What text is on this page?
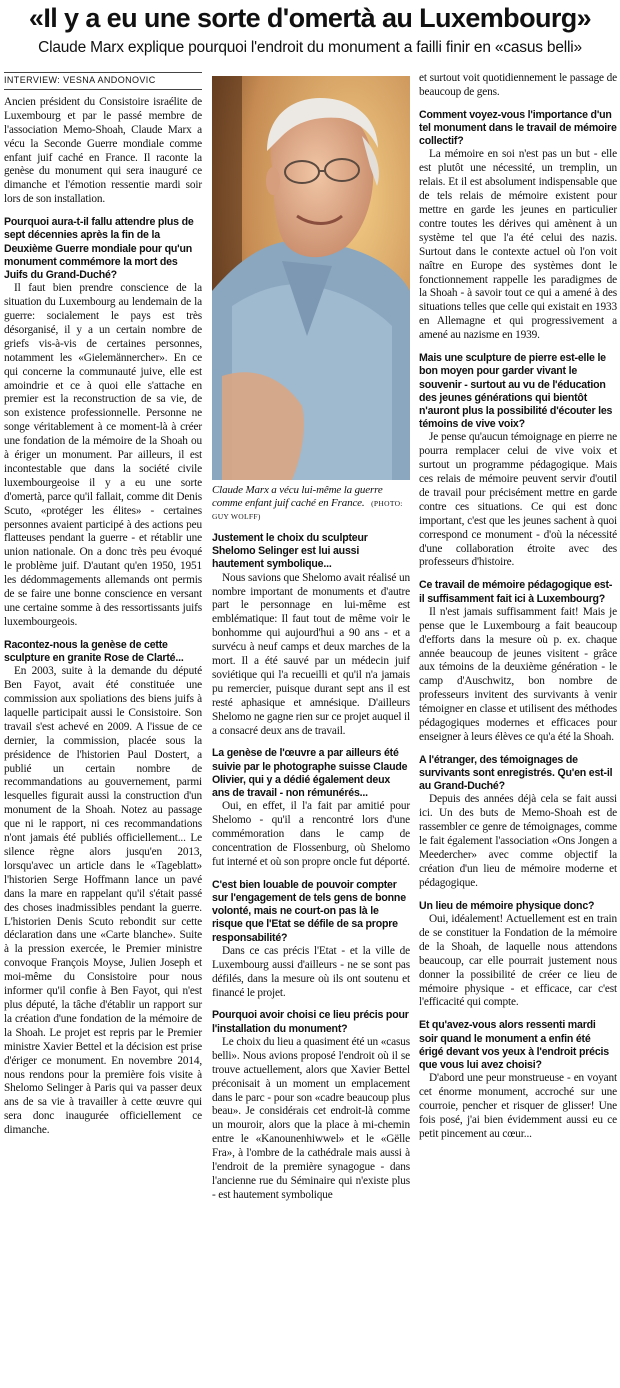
«Il y a eu une sorte d'omertà au Luxembourg»
Claude Marx explique pourquoi l'endroit du monument a failli finir en «casus belli»
INTERVIEW: VESNA ANDONOVIC

Ancien président du Consistoire israélite de Luxembourg et par le passé membre de l'association Memo-Shoah, Claude Marx a vécu la Seconde Guerre mondiale comme enfant juif caché en France. Il raconte la genèse du monument qui sera inauguré ce dimanche et l'émotion ressentie mardi soir lors de son installation.

Pourquoi aura-t-il fallu attendre plus de sept décennies après la fin de la Deuxième Guerre mondiale pour qu'un monument commémore la mort des Juifs du Grand-Duché?

Il faut bien prendre conscience de la situation du Luxembourg au lendemain de la guerre: socialement le pays est très désorganisé, il y a un certain nombre de griefs vis-à-vis de certaines personnes, notamment les «Gielemännercher». En ce qui concerne la communauté juive, elle est amoindrie et ce à quoi elle s'attache en premier est la reconstruction de sa vie, de son existence professionnelle. Personne ne songe véritablement à ce moment-là à créer une fondation de la mémoire de la Shoah ou à ériger un monument. Par ailleurs, il est incontestable que dans la société civile luxembourgeoise il y a eu une sorte d'omertà, parce qu'il fallait, comme dit Denis Scuto, «protéger les élites» - certaines personnes avaient participé à des actions peu flatteuses pendant la guerre - et rétablir une union nationale. On a donc très peu évoqué le problème juif. D'autant qu'en 1950, 1951 les dédommagements allemands ont permis de se faire une bonne conscience en versant une certaine somme à des ressortissants juifs luxembourgeois.

Racontez-nous la genèse de cette sculpture en granite Rose de Clarté...

En 2003, suite à la demande du député Ben Fayot, avait été constituée une commission aux spoliations des biens juifs à laquelle participait aussi le Consistoire. Son travail s'est achevé en 2009. A l'issue de ce dernier, la commission, placée sous la présidence de l'historien Paul Dostert, a publié un certain nombre de recommandations au gouvernement, parmi lesquelles figurait aussi la construction d'un monument de la Shoah. Notez au passage que ni le rapport, ni ces recommandations n'ont jamais été publiés officiellement... Le silence règne alors jusqu'en 2013, lorsqu'avec un article dans le «Tageblatt» l'historien Serge Hoffmann lance un pavé dans la mare en rappelant qu'il s'était passé des choses inadmissibles pendant la guerre. L'historien Denis Scuto rebondit sur cette déclaration dans une «Carte blanche». Suite à la pression exercée, le Premier ministre convoque François Moyse, Julien Joseph et moi-même du Consistoire pour nous informer qu'il confie à Ben Fayot, qui n'est plus député, la tâche d'établir un rapport sur la création d'une fondation de la mémoire de la Shoah. Le projet est repris par le Premier ministre Xavier Bettel et la décision est prise d'ériger ce monument. En novembre 2014, nous rendons pour la première fois visite à Shelomo Selinger à Paris qui va passer deux ans de sa vie à travailler à cette œuvre qui sera donc inaugurée officiellement ce dimanche.

Claude Marx a vécu lui-même la guerre comme enfant juif caché en France. (PHOTO: GUY WOLFF)

Justement le choix du sculpteur Shelomo Selinger est lui aussi hautement symbolique...

Nous savions que Shelomo avait réalisé un nombre important de monuments et d'autre part le personnage en lui-même est emblématique: Il faut tout de même voir le bonhomme qui aujourd'hui a 90 ans - et a survécu à neuf camps et deux marches de la mort. Il a été sauvé par un médecin juif soviétique qui l'a recueilli et qu'il n'a jamais pu remercier, puisque durant sept ans il est resté aphasique et amnésique. D'ailleurs Shelomo ne gagne rien sur ce projet auquel il a consacré deux ans de travail.

La genèse de l'œuvre a par ailleurs été suivie par le photographe suisse Claude Olivier, qui y a dédié également deux ans de travail - non rémunérés...

Oui, en effet, il l'a fait par amitié pour Shelomo - qu'il a rencontré lors d'une commémoration dans le camp de concentration de Flossenburg, où Shelomo fut interné et où son propre oncle fut déporté.

C'est bien louable de pouvoir compter sur l'engagement de tels gens de bonne volonté, mais ne court-on pas là le risque que l'Etat se défile de sa propre responsabilité?

Dans ce cas précis l'Etat - et la ville de Luxembourg aussi d'ailleurs - ne se sont pas défilés, dans la mesure où ils ont soutenu et financé le projet.

Pourquoi avoir choisi ce lieu précis pour l'installation du monument?

Le choix du lieu a quasiment été un «casus belli». Nous avions proposé l'endroit où il se trouve actuellement, alors que Xavier Bettel préconisait à un moment un emplacement dans le parc - pour son «cadre beaucoup plus beau». Je considérais cet endroit-là comme un mouroir, alors que la place à mi-chemin entre le «Kanounenhiwwel» et le «Gëlle Fra», à l'ombre de la cathédrale mais aussi à l'endroit de la première synagogue - dans l'ancienne rue du Séminaire qui n'existe plus - est hautement symbolique

et surtout voit quotidiennement le passage de beaucoup de gens.

Comment voyez-vous l'importance d'un tel monument dans le travail de mémoire collectif?

La mémoire en soi n'est pas un but - elle est plutôt une nécessité, un tremplin, un relais. Et il est absolument indispensable que de tels relais de mémoire existent pour mettre en garde les jeunes en particulier contre toutes les dérives qui amènent à un système tel que l'a été celui des nazis. Surtout dans le contexte actuel où l'on voit naître en Europe des systèmes dont le fonctionnement rappelle les paradigmes de la Shoah - à savoir tout ce qui a amené à des situations telles que celle qui existait en 1933 en Allemagne et qui progressivement a amené au nazisme en 1939.

Mais une sculpture de pierre est-elle le bon moyen pour garder vivant le souvenir - surtout au vu de l'éducation des jeunes générations qui bientôt n'auront plus la possibilité d'écouter les témoins de vive voix?

Je pense qu'aucun témoignage en pierre ne pourra remplacer celui de vive voix et surtout un programme pédagogique. Mais ces relais de mémoire peuvent servir d'outil de travail pour précisément mettre en garde contre ces situations. Ce qui est donc important, c'est que les jeunes sachent à quoi correspond ce monument - d'où la nécessité d'une collaboration étroite avec des professeurs d'histoire.

Ce travail de mémoire pédagogique est-il suffisamment fait ici à Luxembourg?

Il n'est jamais suffisamment fait! Mais je pense que le Luxembourg a fait beaucoup d'efforts dans la mesure où p. ex. chaque année beaucoup de jeunes visitent - grâce aux témoins de la deuxième génération - le camp d'Auschwitz, bon nombre de professeurs invitent des survivants à venir témoigner en classe et utilisent des méthodes pédagogiques modernes et efficaces pour enseigner à leurs élèves ce qu'a été la Shoah.

A l'étranger, des témoignages de survivants sont enregistrés. Qu'en est-il au Grand-Duché?

Depuis des années déjà cela se fait aussi ici. Un des buts de Memo-Shoah est de rassembler ce genre de témoignages, comme le fait également l'association «Ons Jongen a Meedercher» avec comme objectif la création d'un lieu de mémoire moderne et pédagogique.

Un lieu de mémoire physique donc?

Oui, idéalement! Actuellement est en train de se constituer la Fondation de la mémoire de la Shoah, de laquelle nous attendons beaucoup, car elle pourrait justement nous donner la possibilité de créer ce lieu de mémoire physique - et efficace, car c'est l'efficacité qui compte.

Et qu'avez-vous alors ressenti mardi soir quand le monument a enfin été érigé devant vos yeux à l'endroit précis que vous lui avez choisi?

D'abord une peur monstrueuse - en voyant cet énorme monument, accroché sur une courroie, pencher et risquer de glisser! Une fois posé, j'ai bien évidemment aussi eu ce petit pincement au cœur...
